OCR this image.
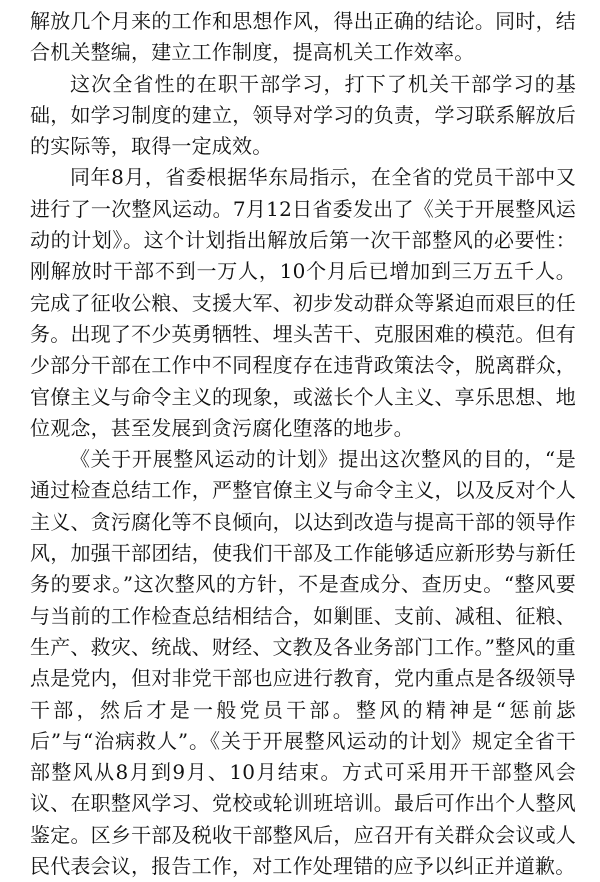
解放几个月来的工作和思想作风，得出正确的结论。同时，结合机关整编，建立工作制度，提高机关工作效率。

这次全省性的在职干部学习，打下了机关干部学习的基础，如学习制度的建立，领导对学习的负责，学习联系解放后的实际等，取得一定成效。

同年8月，省委根据华东局指示，在全省的党员干部中又进行了一次整风运动。7月12日省委发出了《关于开展整风运动的计划》。这个计划指出解放后第一次干部整风的必要性：刚解放时干部不到一万人，10个月后已增加到三万五千人。完成了征收公粮、支援大军、初步发动群众等紧迫而艰巨的任务。出现了不少英勇牺牲、埋头苦干、克服困难的模范。但有少部分干部在工作中不同程度存在违背政策法令，脱离群众，官僚主义与命令主义的现象，或滋长个人主义、享乐思想、地位观念，甚至发展到贪污腐化堕落的地步。

《关于开展整风运动的计划》提出这次整风的目的，“是通过检查总结工作，严整官僚主义与命令主义，以及反对个人主义、贪污腐化等不良倾向，以达到改造与提高干部的领导作风，加强干部团结，使我们干部及工作能够适应新形势与新任务的要求。”这次整风的方针，不是查成分、查历史。“整风要与当前的工作检查总结相结合，如剿匪、支前、减租、征粮、生产、救灾、统战、财经、文教及各业务部门工作。”整风的重点是党内，但对非党干部也应进行教育，党内重点是各级领导干部，然后才是一般党员干部。整风的精神是“惩前毖后”与“治病救人”。《关于开展整风运动的计划》规定全省干部整风从8月到9月、10月结束。方式可采用开干部整风会议、在职整风学习、党校或轮训班培训。最后可作出个人整风鉴定。区乡干部及税收干部整风后，应召开有关群众会议或人民代表会议，报告工作，对工作处理错的应予以纠正并道歉。
